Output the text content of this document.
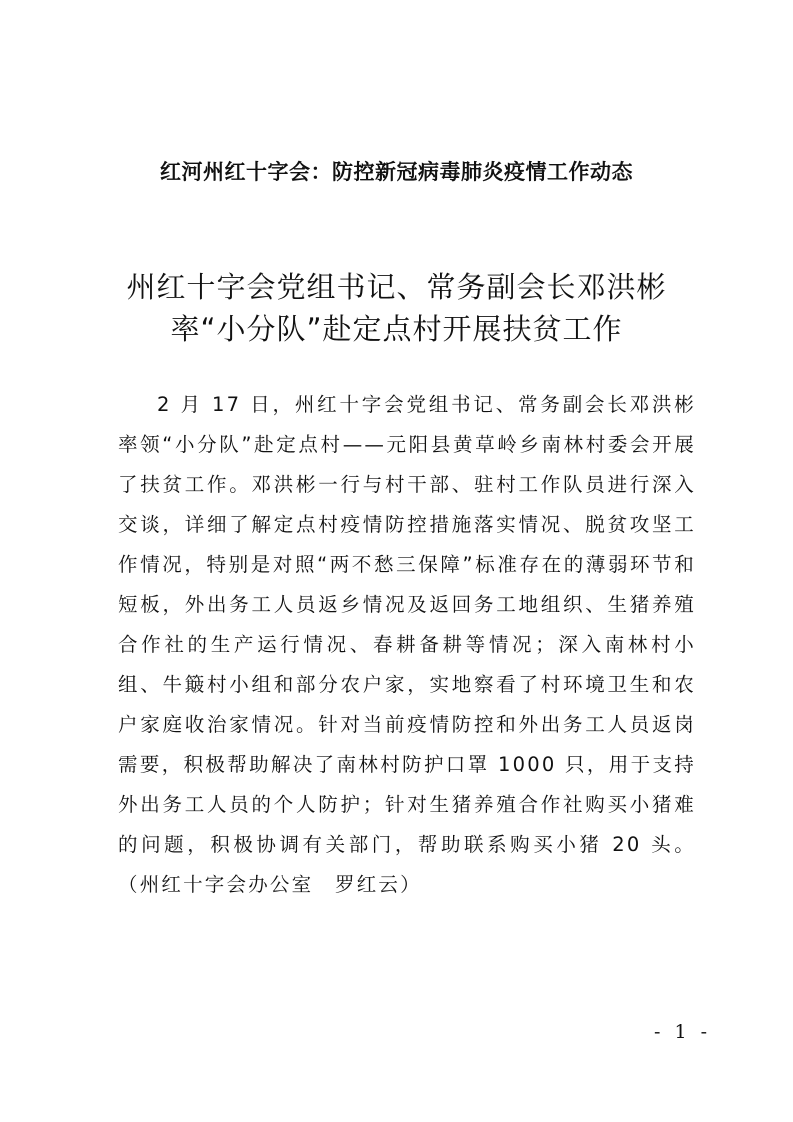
红河州红十字会：防控新冠病毒肺炎疫情工作动态
州红十字会党组书记、常务副会长邓洪彬
率“小分队”赴定点村开展扶贫工作

2 月 17 日，州红十字会党组书记、常务副会长邓洪彬率领“小分队”赴定点村——元阳县黄草岭乡南林村委会开展了扶贫工作。邓洪彬一行与村干部、驻村工作队员进行深入交谈，详细了解定点村疫情防控措施落实情况、脱贫攻坚工作情况，特别是对照“两不愁三保障”标准存在的薄弱环节和短板，外出务工人员返乡情况及返回务工地组织、生猪养殖合作社的生产运行情况、春耕备耕等情况；深入南林村小组、牛簸村小组和部分农户家，实地察看了村环境卫生和农户家庭收治家情况。针对当前疫情防控和外出务工人员返岗需要，积极帮助解决了南林村防护口罩 1000 只，用于支持外出务工人员的个人防护；针对生猪养殖合作社购买小猪难的问题，积极协调有关部门，帮助联系购买小猪 20 头。（州红十字会办公室　罗红云）

- 1 -
